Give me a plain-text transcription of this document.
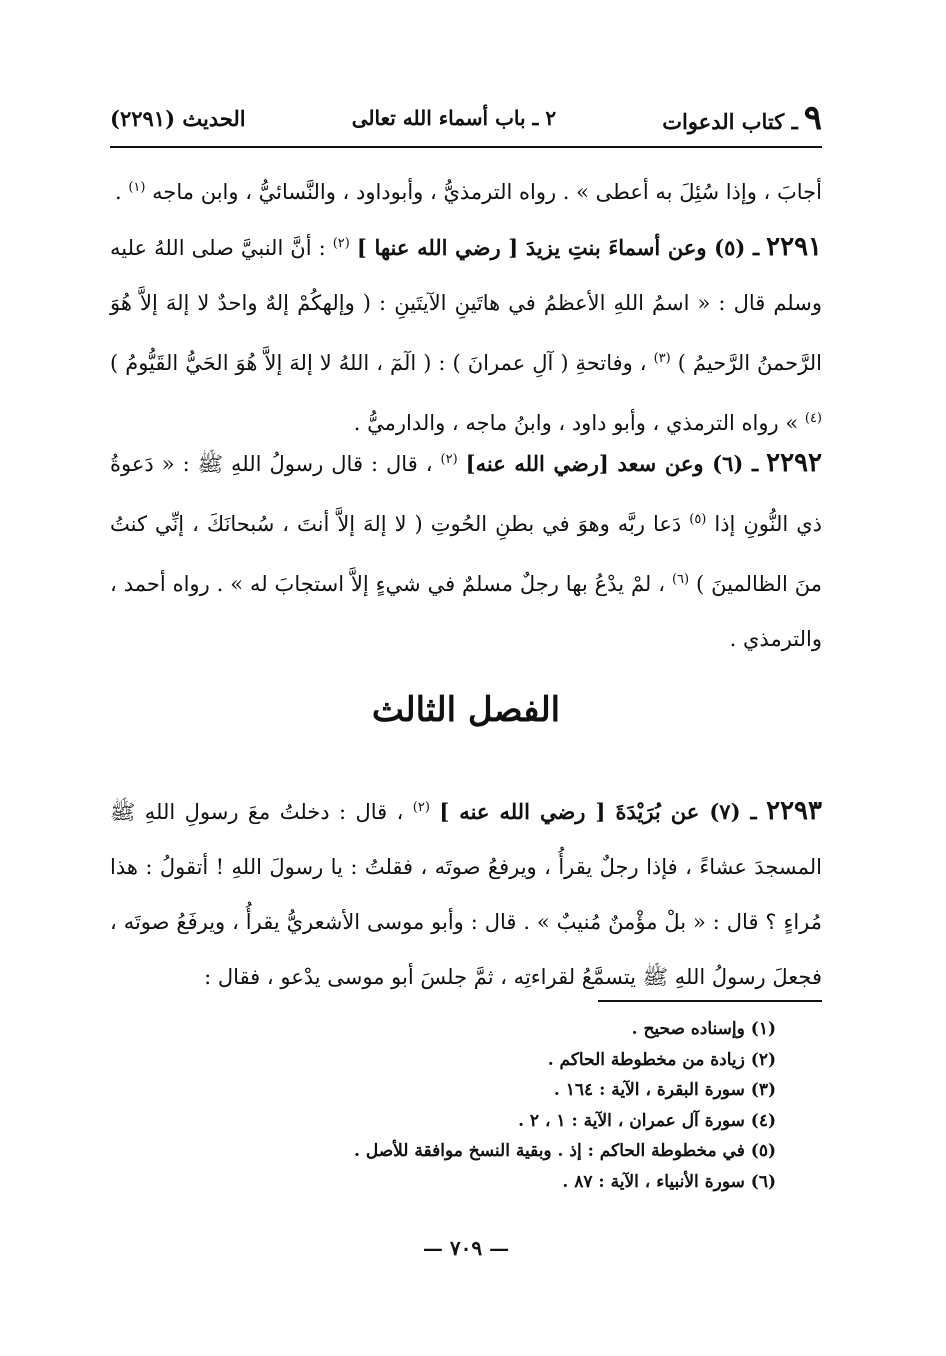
٩ـ كتاب الدعوات
٢ ـ باب أسماء الله تعالى
الحديث (٢٢٩١)
أجابَ ، وإذا سُئِلَ به أعطى » . رواه الترمذيُّ ، وأبوداود ، والنَّسائيُّ ، وابن ماجه $^{(١)}$ .
٢٢٩١ ـ (٥) وعن أسماءَ بنتِ يزيدَ [ رضي الله عنها ] $^{(٢)}$ : أنَّ النبيَّ صلى اللهُ عليه وسلم قال : « اسمُ اللهِ الأعظمُ في هاتَينِ الآيتَينِ : ( وإلهكُمْ إلهٌ واحدٌ لا إلهَ إلاَّ هُوَ الرَّحمنُ الرَّحيمُ ) $^{(٣)}$ ، وفاتحةِ ( آلِ عمرانَ ) : ( الٓمٓ ، اللهُ لا إلهَ إلاَّ هُوَ الحَيُّ القَيُّومُ ) $^{(٤)}$ » رواه الترمذي ، وأبو داود ، وابنُ ماجه ، والدارميُّ .
٢٢٩٢ ـ (٦) وعن سعد [رضي الله عنه] $^{(٢)}$ ، قال : قال رسولُ اللهِ ﷺ : « دَعوةُ ذي النُّونِ إذا $^{(٥)}$ دَعا ربَّه وهوَ في بطنِ الحُوتِ ( لا إلهَ إلاَّ أنتَ ، سُبحانَكَ ، إنِّي كنتُ منَ الظالمينَ ) $^{(٦)}$ ، لمْ يدْعُ بها رجلٌ مسلمٌ في شيءٍ إلاَّ استجابَ له » . رواه أحمد ، والترمذي .
الفصل الثالث
٢٢٩٣ ـ (٧) عن بُرَيْدَةَ [ رضي الله عنه ] $^{(٢)}$ ، قال : دخلتُ معَ رسولِ اللهِ ﷺ المسجدَ عشاءً ، فإذا رجلٌ يقرأُ ، ويرفعُ صوتَه ، فقلتُ : يا رسولَ اللهِ ! أتقولُ : هذا مُراءٍ ؟ قال : « بلْ مؤْمنٌ مُنيبٌ » . قال : وأبو موسى الأشعريُّ يقرأُ ، ويرفَعُ صوتَه ، فجعلَ رسولُ اللهِ ﷺ يتسمَّعُ لقراءتِه ، ثمَّ جلسَ أبو موسى يدْعو ، فقال :
(١) وإسناده صحيح .
(٢) زيادة من مخطوطة الحاكم .
(٣) سورة البقرة ، الآية : ١٦٤ .
(٤) سورة آل عمران ، الآية : ١ ، ٢ .
(٥) في مخطوطة الحاكم : إذ . وبقية النسخ موافقة للأصل .
(٦) سورة الأنبياء ، الآية : ٨٧ .
— ٧٠٩ —
